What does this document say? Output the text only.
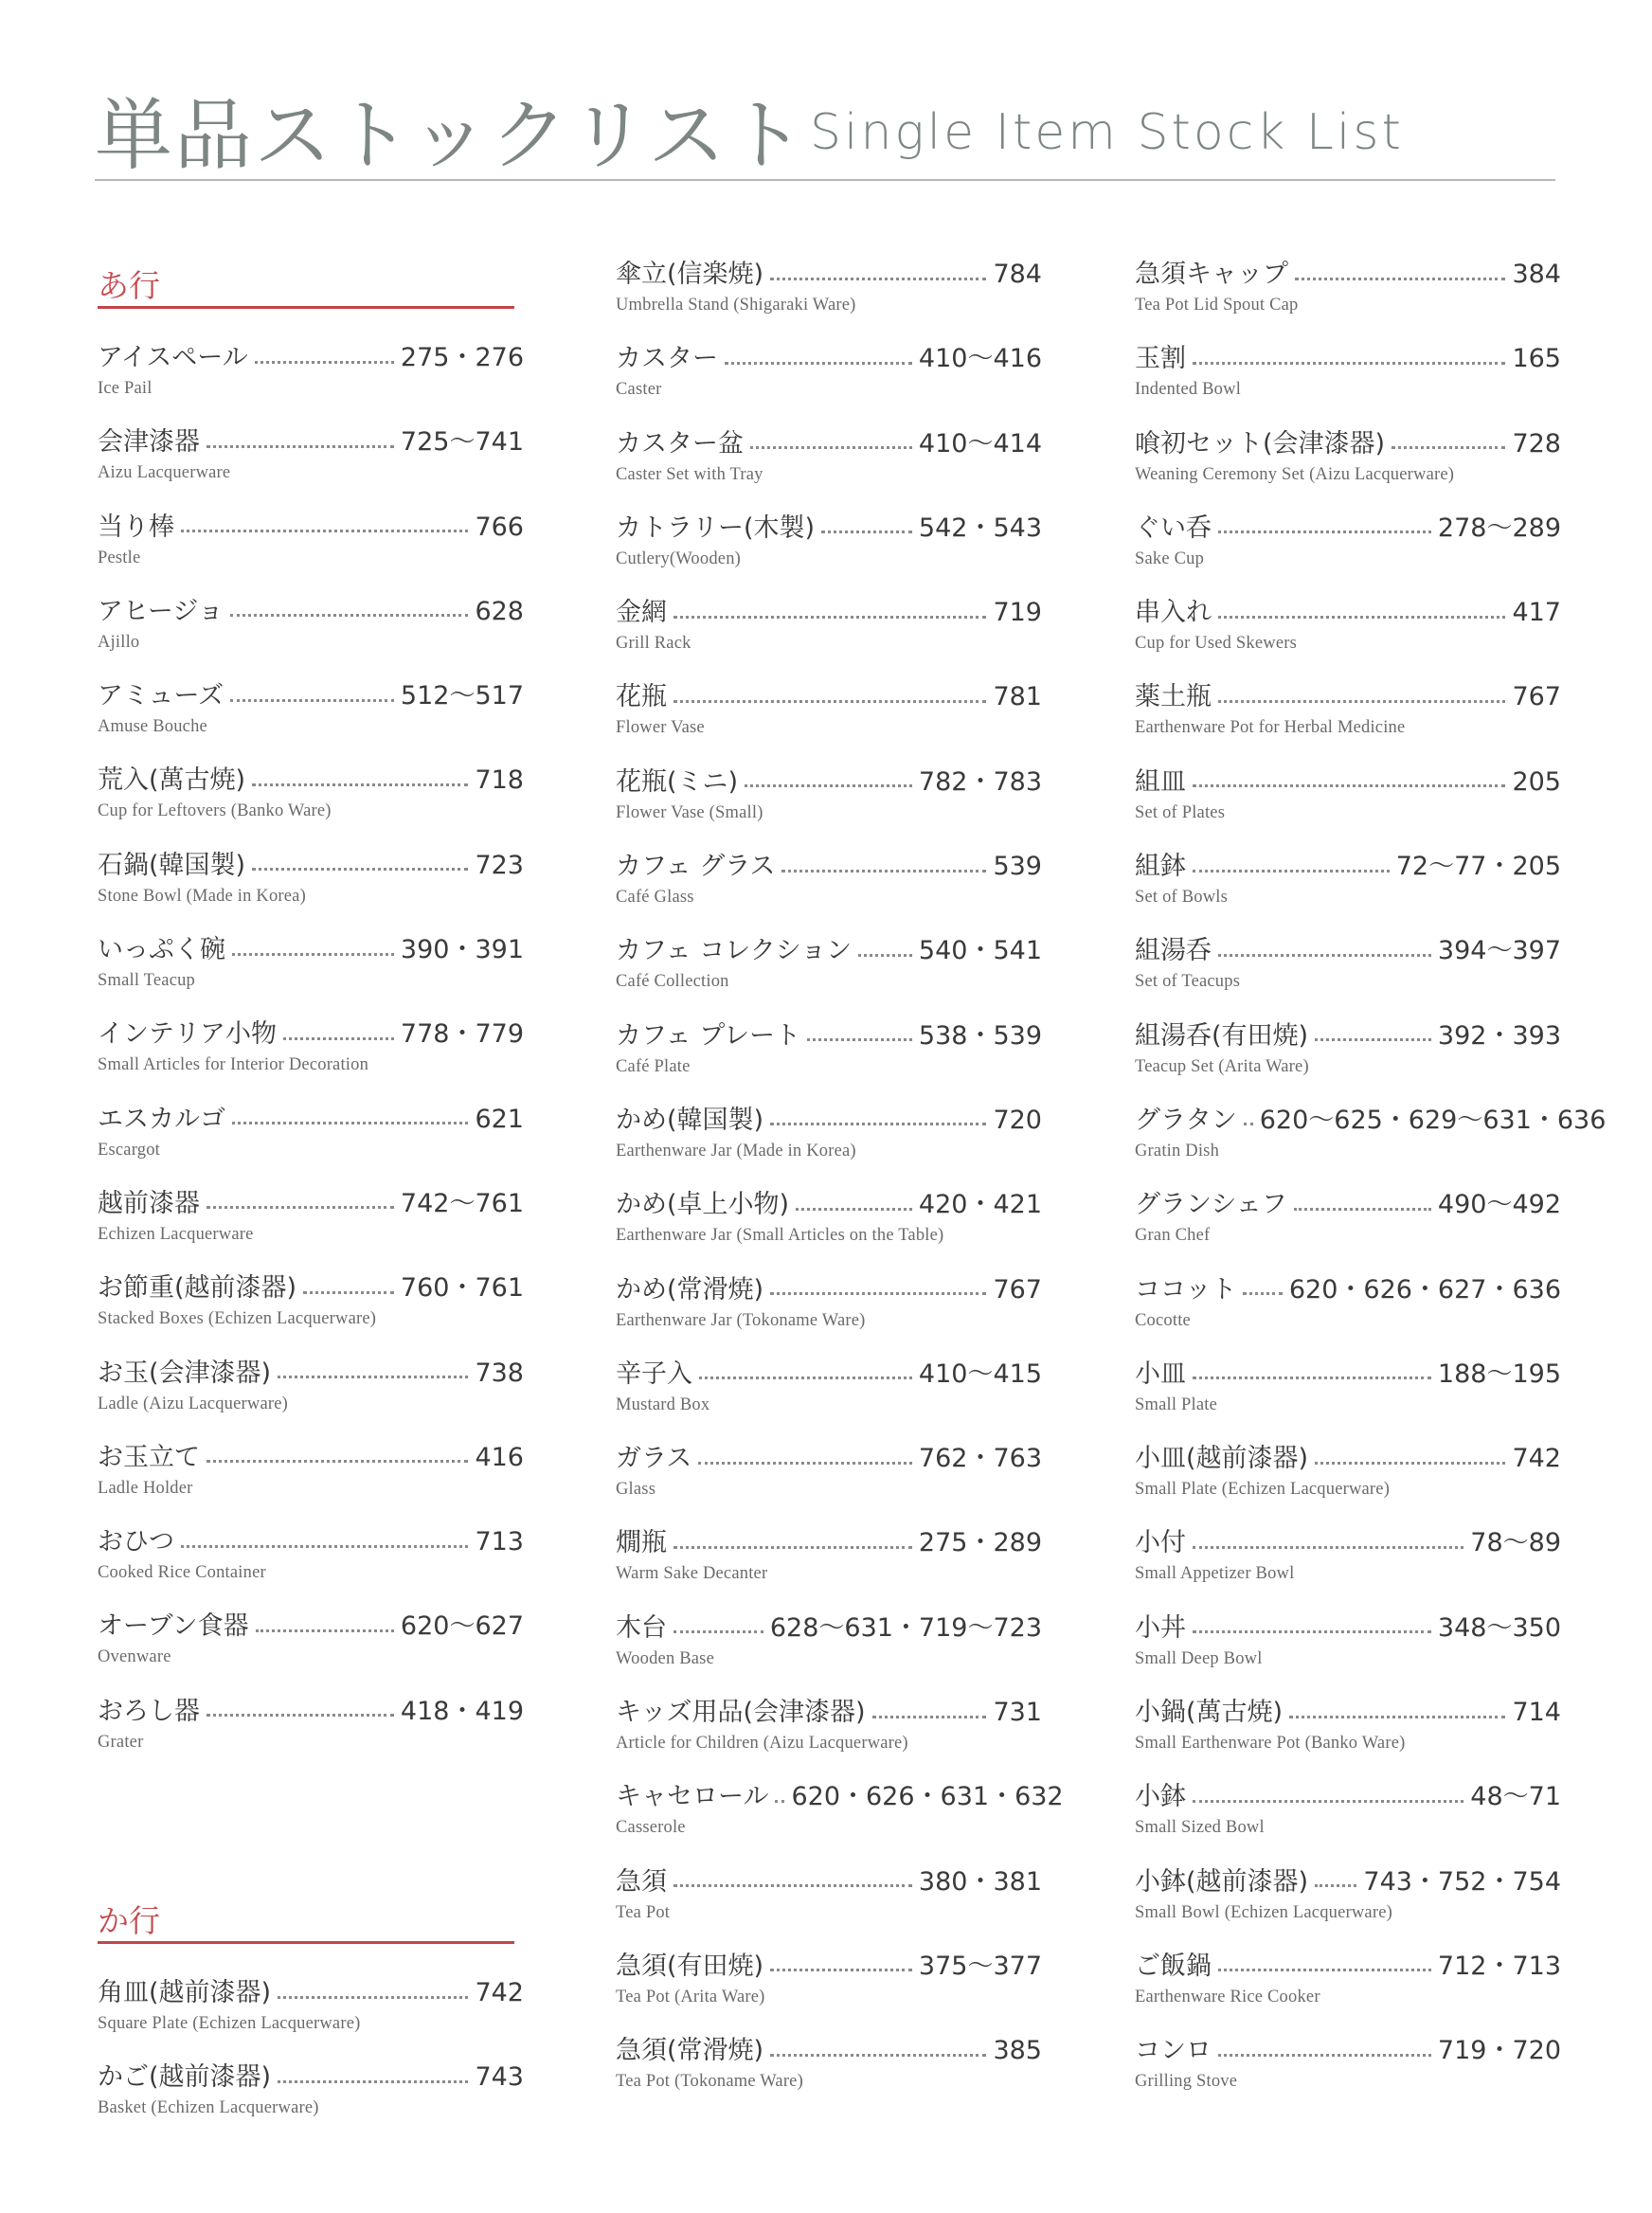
単品ストックリスト Single Item Stock List
あ行
アイスペール	275・276
Ice Pail
会津漆器	725～741
Aizu Lacquerware
当り棒	766
Pestle
アヒージョ	628
Ajillo
アミューズ	512～517
Amuse Bouche
荒入(萬古焼)	718
Cup for Leftovers (Banko Ware)
石鍋(韓国製)	723
Stone Bowl (Made in Korea)
いっぷく碗	390・391
Small Teacup
インテリア小物	778・779
Small Articles for Interior Decoration
エスカルゴ	621
Escargot
越前漆器	742～761
Echizen Lacquerware
お節重(越前漆器)	760・761
Stacked Boxes (Echizen Lacquerware)
お玉(会津漆器)	738
Ladle (Aizu Lacquerware)
お玉立て	416
Ladle Holder
おひつ	713
Cooked Rice Container
オーブン食器	620～627
Ovenware
おろし器	418・419
Grater
か行
角皿(越前漆器)	742
Square Plate (Echizen Lacquerware)
かご(越前漆器)	743
Basket (Echizen Lacquerware)
傘立(信楽焼)	784
Umbrella Stand (Shigaraki Ware)
カスター	410～416
Caster
カスター盆	410～414
Caster Set with Tray
カトラリー(木製)	542・543
Cutlery(Wooden)
金網	719
Grill Rack
花瓶	781
Flower Vase
花瓶(ミニ)	782・783
Flower Vase (Small)
カフェ グラス	539
Café Glass
カフェ コレクション	540・541
Café Collection
カフェ プレート	538・539
Café Plate
かめ(韓国製)	720
Earthenware Jar (Made in Korea)
かめ(卓上小物)	420・421
Earthenware Jar (Small Articles on the Table)
かめ(常滑焼)	767
Earthenware Jar (Tokoname Ware)
辛子入	410～415
Mustard Box
ガラス	762・763
Glass
燗瓶	275・289
Warm Sake Decanter
木台	628～631・719～723
Wooden Base
キッズ用品(会津漆器)	731
Article for Children (Aizu Lacquerware)
キャセロール 620・626・631・632
Casserole
急須	380・381
Tea Pot
急須(有田焼)	375～377
Tea Pot (Arita Ware)
急須(常滑焼)	385
Tea Pot (Tokoname Ware)
急須キャップ	384
Tea Pot Lid Spout Cap
玉割	165
Indented Bowl
喰初セット(会津漆器)	728
Weaning Ceremony Set (Aizu Lacquerware)
ぐい呑	278～289
Sake Cup
串入れ	417
Cup for Used Skewers
薬土瓶	767
Earthenware Pot for Herbal Medicine
組皿	205
Set of Plates
組鉢	72～77・205
Set of Bowls
組湯呑	394～397
Set of Teacups
組湯呑(有田焼)	392・393
Teacup Set (Arita Ware)
グラタン 620～625・629～631・636
Gratin Dish
グランシェフ	490～492
Gran Chef
ココット 620・626・627・636
Cocotte
小皿	188～195
Small Plate
小皿(越前漆器)	742
Small Plate (Echizen Lacquerware)
小付	78～89
Small Appetizer Bowl
小丼	348～350
Small Deep Bowl
小鍋(萬古焼)	714
Small Earthenware Pot (Banko Ware)
小鉢	48～71
Small Sized Bowl
小鉢(越前漆器) 743・752・754
Small Bowl (Echizen Lacquerware)
ご飯鍋	712・713
Earthenware Rice Cooker
コンロ	719・720
Grilling Stove
